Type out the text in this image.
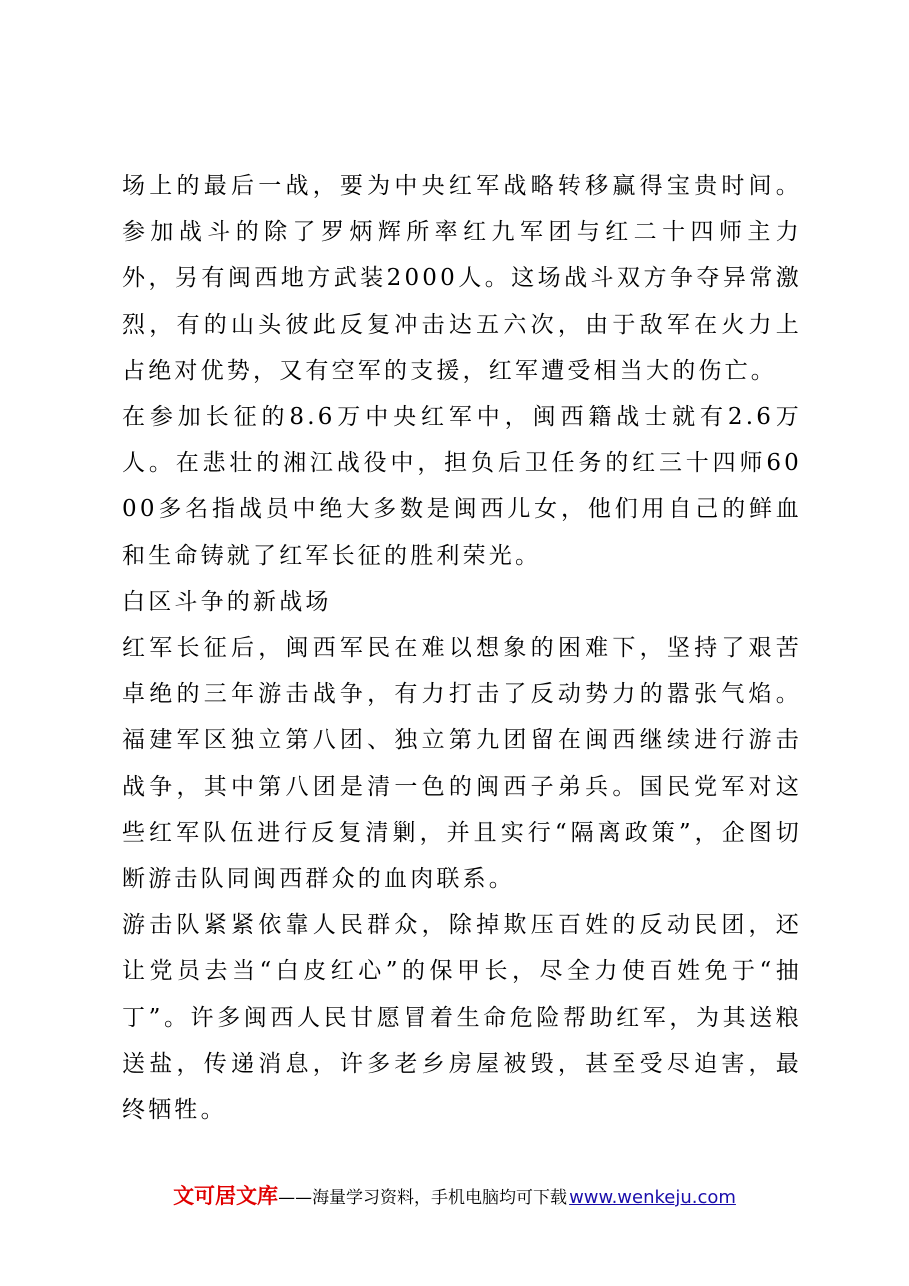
场上的最后一战，要为中央红军战略转移赢得宝贵时间。参加战斗的除了罗炳辉所率红九军团与红二十四师主力外，另有闽西地方武装2000人。这场战斗双方争夺异常激烈，有的山头彼此反复冲击达五六次，由于敌军在火力上占绝对优势，又有空军的支援，红军遭受相当大的伤亡。

在参加长征的8.6万中央红军中，闽西籍战士就有2.6万人。在悲壮的湘江战役中，担负后卫任务的红三十四师6000多名指战员中绝大多数是闽西儿女，他们用自己的鲜血和生命铸就了红军长征的胜利荣光。

白区斗争的新战场

红军长征后，闽西军民在难以想象的困难下，坚持了艰苦卓绝的三年游击战争，有力打击了反动势力的嚣张气焰。福建军区独立第八团、独立第九团留在闽西继续进行游击战争，其中第八团是清一色的闽西子弟兵。国民党军对这些红军队伍进行反复清剿，并且实行“隔离政策”，企图切断游击队同闽西群众的血肉联系。

游击队紧紧依靠人民群众，除掉欺压百姓的反动民团，还让党员去当“白皮红心”的保甲长，尽全力使百姓免于“抽丁”。许多闽西人民甘愿冒着生命危险帮助红军，为其送粮送盐，传递消息，许多老乡房屋被毁，甚至受尽迫害，最终牺牲。

文可居文库——海量学习资料，手机电脑均可下载 www.wenkeju.com
